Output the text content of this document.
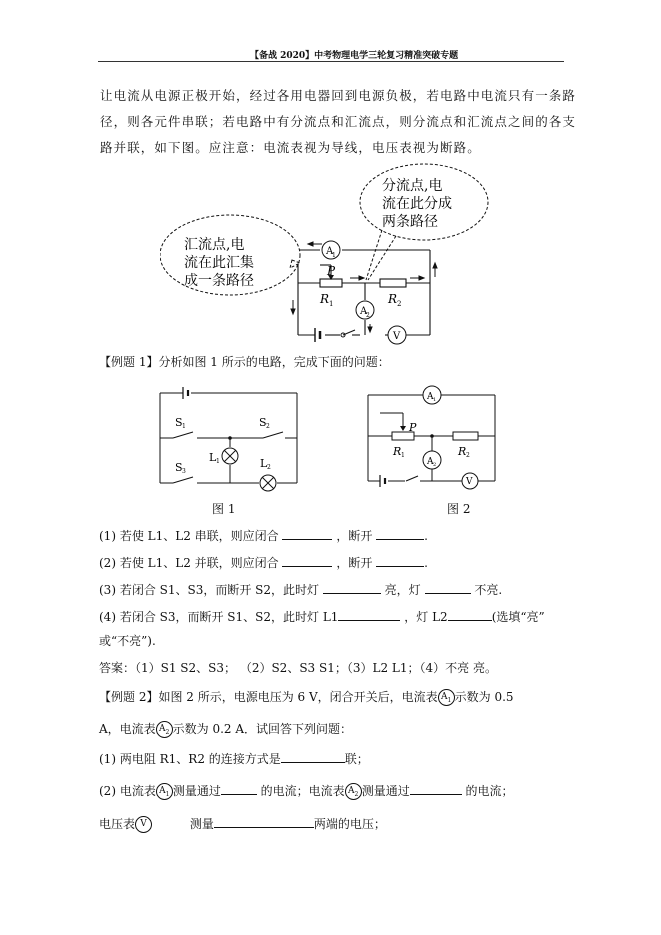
【备战 2020】中考物理电学三轮复习精准突破专题
让电流从电源正极开始，经过各用电器回到电源负极，若电路中电流只有一条路
径，则各元件串联；若电路中有分流点和汇流点，则分流点和汇流点之间的各支
路并联，如下图。应注意：电流表视为导线，电压表视为断路。
A
1
A
2
V
P
R 1	R 2
汇流点,电
流在此汇集
成一条路径
分流点,电
流在此分成
两条路径
【例题 1】分析如图 1 所示的电路，完成下面的问题：
S 1	S 2
S 3
L 1	L 2
图 1
A 1
A 2
V
P
R 1	R 2
图 2
(1) 若使 L1、L2 串联，则应闭合	，断开	.
(2) 若使 L1、L2 并联，则应闭合	，断开	.
(3) 若闭合 S1、S3，而断开 S2，此时灯	亮，灯	不亮.
(4) 若闭合 S3，而断开 S1、S2，此时灯 L1	，灯 L2	(选填“亮”
或“不亮”).
答案：（1）S1 S2、S3； （2）S2、S3 S1；（3）L2 L1；（4）不亮 亮。
【例题 2】如图 2 所示，电源电压为 6 V，闭合开关后，电流表 $A_1$ 示数为 0.5
A，电流表 $A_2$ 示数为 0.2 A．试回答下列问题：
(1) 两电阻 R1、R2 的连接方式是	联；
(2) 电流表 $A_1$ 测量通过	的电流；电流表 $A_2$ 测量通过	的电流；
电压表 V	测量	两端的电压；
